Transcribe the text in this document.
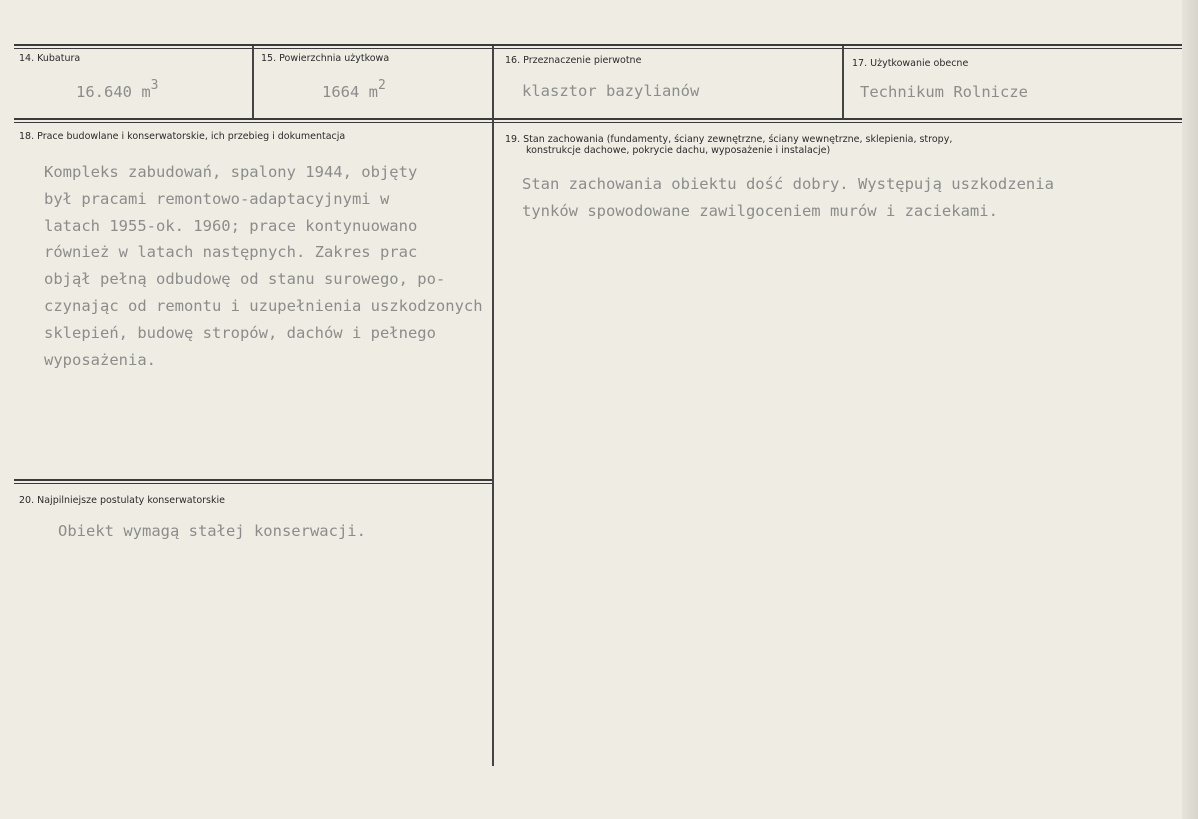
14. Kubatura
16.640 $m^3$
15. Powierzchnia użytkowa
1664 $m^2$
16. Przeznaczenie pierwotne
klasztor bazylianów
17. Użytkowanie obecne
Technikum Rolnicze
18. Prace budowlane i konserwatorskie, ich przebieg i dokumentacja
Kompleks zabudowań, spalony 1944, objęty
był pracami remontowo-adaptacyjnymi w
latach 1955-ok. 1960; prace kontynuowano
również w latach następnych. Zakres prac
objął pełną odbudowę od stanu surowego, po-
czynając od remontu i uzupełnienia uszkodzonych
sklepień, budowę stropów, dachów i pełnego
wyposażenia.
19. Stan zachowania (fundamenty, ściany zewnętrzne, ściany wewnętrzne, sklepienia, stropy,
konstrukcje dachowe, pokrycie dachu, wyposażenie i instalacje)
Stan zachowania obiektu dość dobry. Występują uszkodzenia
tynków spowodowane zawilgoceniem murów i zaciekami.
20. Najpilniejsze postulaty konserwatorskie
Obiekt wymagą stałej konserwacji.
